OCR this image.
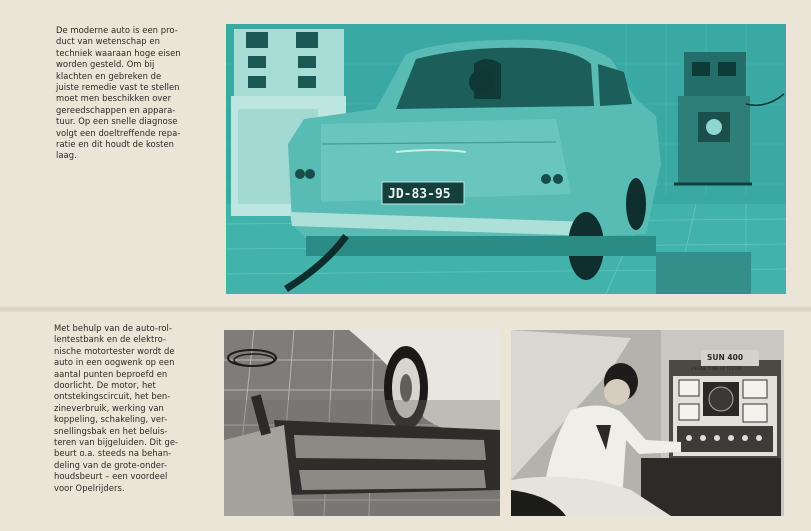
De moderne auto is een pro-
duct van wetenschap en
techniek waaraan hoge eisen
worden gesteld. Om bij
klachten en gebreken de
juiste remedie vast te stellen
moet men beschikken over
gereedschappen en appara-
tuur. Op een snelle diagnose
volgt een doeltreffende repa-
ratie en dit houdt de kosten
laag.

JD-83-95

Met behulp van de auto-rol-
lentestbank en de elektro-
nische motortester wordt de
auto in een oogwenk op een
aantal punten beproefd en
doorlicht. De motor, het
ontstekingscircuit, het ben-
zineverbruik, werking van
koppeling, schakeling, ver-
snellingsbak en het beluis-
teren van bijgeluiden. Dit ge-
beurt o.a. steeds na behan-
deling van de grote-onder-
houdsbeurt – een voordeel
voor Opelrijders.

SUN 400
ENGINE TUNE-UP TESTER
